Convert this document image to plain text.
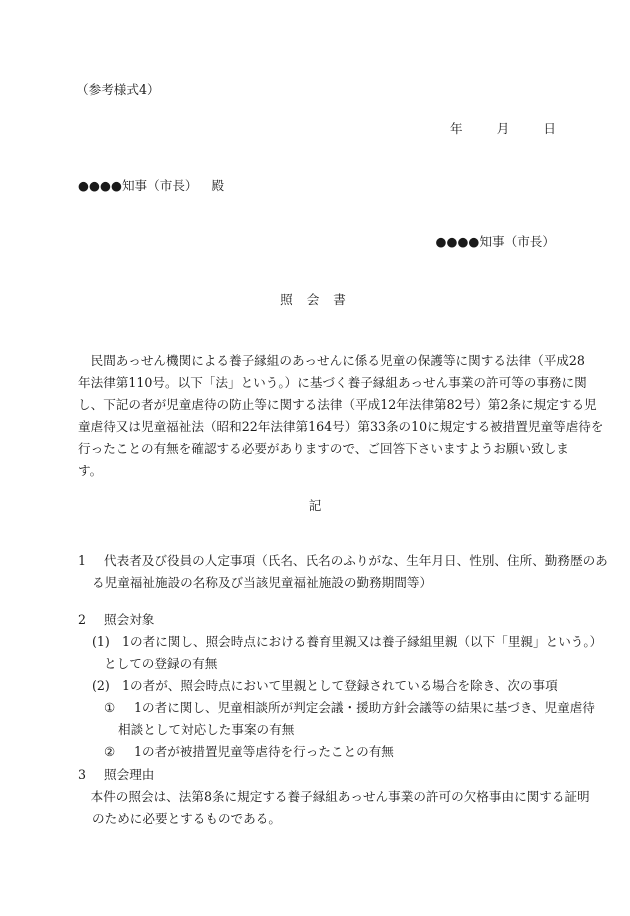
（参考様式4）
年	月	日
●●●●知事（市長） 殿
●●●●知事（市長）
照会書
　民間あっせん機関による養子縁組のあっせんに係る児童の保護等に関する法律（平成28
年法律第110号。以下「法」という。）に基づく養子縁組あっせん事業の許可等の事務に関
し、下記の者が児童虐待の防止等に関する法律（平成12年法律第82号）第2条に規定する児
童虐待又は児童福祉法（昭和22年法律第164号）第33条の10に規定する被措置児童等虐待を
行ったことの有無を確認する必要がありますので、ご回答下さいますようお願い致しま
す。
記
1 代表者及び役員の人定事項（氏名、氏名のふりがな、生年月日、性別、住所、勤務歴のあ
る児童福祉施設の名称及び当該児童福祉施設の勤務期間等）
2 照会対象
(1) 1の者に関し、照会時点における養育里親又は養子縁組里親（以下「里親」という。）
としての登録の有無
(2) 1の者が、照会時点において里親として登録されている場合を除き、次の事項
① 1の者に関し、児童相談所が判定会議・援助方針会議等の結果に基づき、児童虐待
相談として対応した事案の有無
② 1の者が被措置児童等虐待を行ったことの有無
3 照会理由
　本件の照会は、法第8条に規定する養子縁組あっせん事業の許可の欠格事由に関する証明
のために必要とするものである。
